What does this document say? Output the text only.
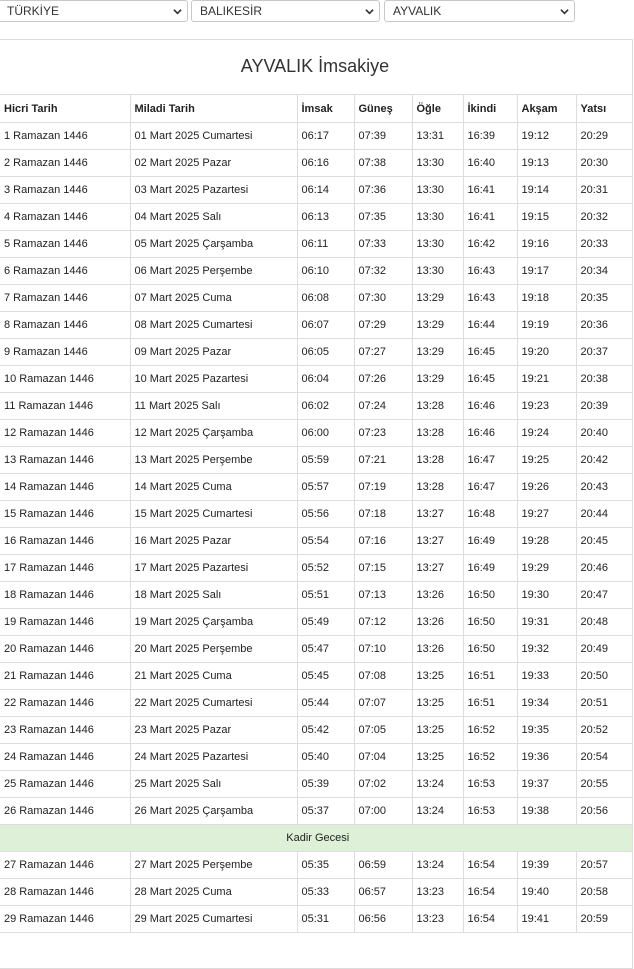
TÜRKİYE	BALIKESİR	AYVALIK
AYVALIK İmsakiye
Hicri Tarih	Miladi Tarih	İmsak	Güneş	Öğle	İkindi	Akşam	Yatsı
1 Ramazan 1446	01 Mart 2025 Cumartesi	06:17	07:39	13:31	16:39	19:12	20:29
2 Ramazan 1446	02 Mart 2025 Pazar	06:16	07:38	13:30	16:40	19:13	20:30
3 Ramazan 1446	03 Mart 2025 Pazartesi	06:14	07:36	13:30	16:41	19:14	20:31
4 Ramazan 1446	04 Mart 2025 Salı	06:13	07:35	13:30	16:41	19:15	20:32
5 Ramazan 1446	05 Mart 2025 Çarşamba	06:11	07:33	13:30	16:42	19:16	20:33
6 Ramazan 1446	06 Mart 2025 Perşembe	06:10	07:32	13:30	16:43	19:17	20:34
7 Ramazan 1446	07 Mart 2025 Cuma	06:08	07:30	13:29	16:43	19:18	20:35
8 Ramazan 1446	08 Mart 2025 Cumartesi	06:07	07:29	13:29	16:44	19:19	20:36
9 Ramazan 1446	09 Mart 2025 Pazar	06:05	07:27	13:29	16:45	19:20	20:37
10 Ramazan 1446	10 Mart 2025 Pazartesi	06:04	07:26	13:29	16:45	19:21	20:38
11 Ramazan 1446	11 Mart 2025 Salı	06:02	07:24	13:28	16:46	19:23	20:39
12 Ramazan 1446	12 Mart 2025 Çarşamba	06:00	07:23	13:28	16:46	19:24	20:40
13 Ramazan 1446	13 Mart 2025 Perşembe	05:59	07:21	13:28	16:47	19:25	20:42
14 Ramazan 1446	14 Mart 2025 Cuma	05:57	07:19	13:28	16:47	19:26	20:43
15 Ramazan 1446	15 Mart 2025 Cumartesi	05:56	07:18	13:27	16:48	19:27	20:44
16 Ramazan 1446	16 Mart 2025 Pazar	05:54	07:16	13:27	16:49	19:28	20:45
17 Ramazan 1446	17 Mart 2025 Pazartesi	05:52	07:15	13:27	16:49	19:29	20:46
18 Ramazan 1446	18 Mart 2025 Salı	05:51	07:13	13:26	16:50	19:30	20:47
19 Ramazan 1446	19 Mart 2025 Çarşamba	05:49	07:12	13:26	16:50	19:31	20:48
20 Ramazan 1446	20 Mart 2025 Perşembe	05:47	07:10	13:26	16:50	19:32	20:49
21 Ramazan 1446	21 Mart 2025 Cuma	05:45	07:08	13:25	16:51	19:33	20:50
22 Ramazan 1446	22 Mart 2025 Cumartesi	05:44	07:07	13:25	16:51	19:34	20:51
23 Ramazan 1446	23 Mart 2025 Pazar	05:42	07:05	13:25	16:52	19:35	20:52
24 Ramazan 1446	24 Mart 2025 Pazartesi	05:40	07:04	13:25	16:52	19:36	20:54
25 Ramazan 1446	25 Mart 2025 Salı	05:39	07:02	13:24	16:53	19:37	20:55
26 Ramazan 1446	26 Mart 2025 Çarşamba	05:37	07:00	13:24	16:53	19:38	20:56
Kadir Gecesi							
27 Ramazan 1446	27 Mart 2025 Perşembe	05:35	06:59	13:24	16:54	19:39	20:57
28 Ramazan 1446	28 Mart 2025 Cuma	05:33	06:57	13:23	16:54	19:40	20:58
29 Ramazan 1446	29 Mart 2025 Cumartesi	05:31	06:56	13:23	16:54	19:41	20:59
